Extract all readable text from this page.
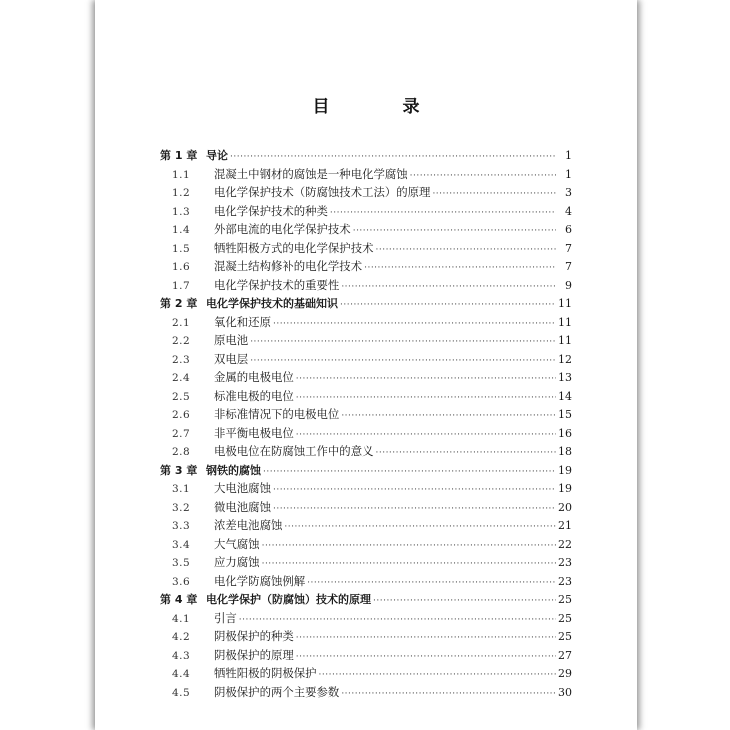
目　录
第 1 章 导论 ·····	1
1.1	混凝土中钢材的腐蚀是一种电化学腐蚀 ·····	1
1.2	电化学保护技术（防腐蚀技术工法）的原理 ·····	3
1.3	电化学保护技术的种类 ·····	4
1.4	外部电流的电化学保护技术 ·····	6
1.5	牺牲阳极方式的电化学保护技术 ·····	7
1.6	混凝土结构修补的电化学技术 ·····	7
1.7	电化学保护技术的重要性 ·····	9
第 2 章 电化学保护技术的基础知识 ·····	11
2.1	氧化和还原 ·····	11
2.2	原电池 ·····	11
2.3	双电层 ·····	12
2.4	金属的电极电位 ·····	13
2.5	标准电极的电位 ·····	14
2.6	非标准情况下的电极电位 ·····	15
2.7	非平衡电极电位 ·····	16
2.8	电极电位在防腐蚀工作中的意义 ·····	18
第 3 章 钢铁的腐蚀 ·····	19
3.1	大电池腐蚀 ·····	19
3.2	微电池腐蚀 ·····	20
3.3	浓差电池腐蚀 ·····	21
3.4	大气腐蚀 ·····	22
3.5	应力腐蚀 ·····	23
3.6	电化学防腐蚀例解 ·····	23
第 4 章 电化学保护（防腐蚀）技术的原理 ·····	25
4.1	引言 ·····	25
4.2	阴极保护的种类 ·····	25
4.3	阴极保护的原理 ·····	27
4.4	牺牲阳极的阴极保护 ·····	29
4.5	阴极保护的两个主要参数 ·····	30
